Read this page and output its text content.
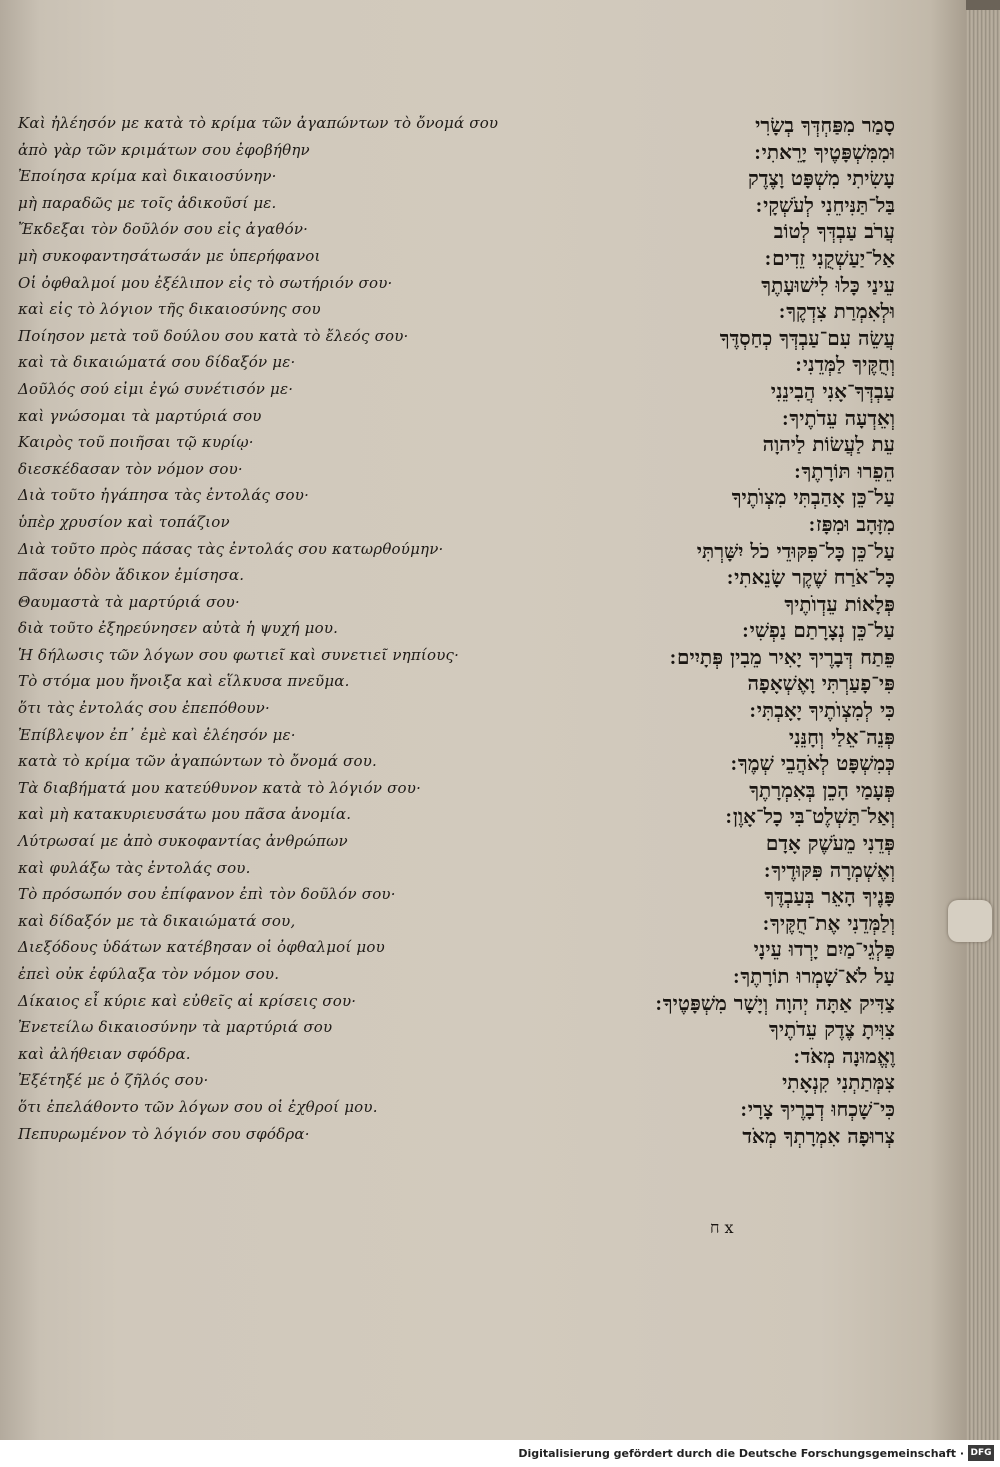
Καὶ ἠλέησόν με κατὰ τὸ κρίμα τῶν ἀγαπώντων τὸ ὄνομά σου
ἀπὸ γὰρ τῶν κριμάτων σου ἐφοβήθην
Ἐποίησα κρίμα καὶ δικαιοσύνην·
μὴ παραδῶς με τοῖς ἀδικοῦσί με.
Ἔκδεξαι τὸν δοῦλόν σου εἰς ἀγαθόν·
μὴ συκοφαντησάτωσάν με ὑπερήφανοι
Οἱ ὀφθαλμοί μου ἐξέλιπον εἰς τὸ σωτήριόν σου·
καὶ εἰς τὸ λόγιον τῆς δικαιοσύνης σου
Ποίησον μετὰ τοῦ δούλου σου κατὰ τὸ ἔλεός σου·
καὶ τὰ δικαιώματά σου δίδαξόν με·
Δοῦλός σού εἰμι ἐγώ συνέτισόν με·
καὶ γνώσομαι τὰ μαρτύριά σου
Καιρὸς τοῦ ποιῆσαι τῷ κυρίῳ·
διεσκέδασαν τὸν νόμον σου·
Διὰ τοῦτο ἠγάπησα τὰς ἐντολάς σου·
ὑπὲρ χρυσίον καὶ τοπάζιον
Διὰ τοῦτο πρὸς πάσας τὰς ἐντολάς σου κατωρθούμην·
πᾶσαν ὁδὸν ἄδικον ἐμίσησα.
Θαυμαστὰ τὰ μαρτύριά σου·
διὰ τοῦτο ἐξηρεύνησεν αὐτὰ ἡ ψυχή μου.
Ἡ δήλωσις τῶν λόγων σου φωτιεῖ καὶ συνετιεῖ νηπίους·
Τὸ στόμα μου ἤνοιξα καὶ εἵλκυσα πνεῦμα.
ὅτι τὰς ἐντολάς σου ἐπεπόθουν·
Ἐπίβλεψον ἐπ᾽ ἐμὲ καὶ ἐλέησόν με·
κατὰ τὸ κρίμα τῶν ἀγαπώντων τὸ ὄνομά σου.
Τὰ διαβήματά μου κατεύθυνον κατὰ τὸ λόγιόν σου·
καὶ μὴ κατακυριευσάτω μου πᾶσα ἀνομία.
Λύτρωσαί με ἀπὸ συκοφαντίας ἀνθρώπων
καὶ φυλάξω τὰς ἐντολάς σου.
Τὸ πρόσωπόν σου ἐπίφανον ἐπὶ τὸν δοῦλόν σου·
καὶ δίδαξόν με τὰ δικαιώματά σου,
Διεξόδους ὑδάτων κατέβησαν οἱ ὀφθαλμοί μου
ἐπεὶ οὐκ ἐφύλαξα τὸν νόμον σου.
Δίκαιος εἶ κύριε καὶ εὐθεῖς αἱ κρίσεις σου·
Ἐνετείλω δικαιοσύνην τὰ μαρτύριά σου
καὶ ἀλήθειαν σφόδρα.
Ἐξέτηξέ με ὁ ζῆλός σου·
ὅτι ἐπελάθοντο τῶν λόγων σου οἱ ἐχθροί μου.
Πεπυρωμένον τὸ λόγιόν σου σφόδρα·
סָמַר מִפַּחְדְּךָ בְשָׂרִי
וּמִמִּשְׁפָּטֶיךָ יָרֵאתִי ׃
עָשִׂיתִי מִשְׁפָּט וָצֶדֶק
בַּל־תַּנִּיחֵנִי לְעֹשְׁקָי ׃
עֲרֹב עַבְדְּךָ לְטוֹב
אַל־יַעַשְׁקֻנִי זֵדִים ׃
עֵינַי כָּלוּ לִישׁוּעָתֶךָ
וּלְאִמְרַת צִדְקֶךָ ׃
עֲשֵׂה עִם־עַבְדְּךָ כְחַסְדֶּךָ
וְחֻקֶּיךָ לַמְּדֵנִי ׃
עַבְדְּךָ־אָנִי הֲבִינֵנִי
וְאֵדְעָה עֵדֹתֶיךָ ׃
עֵת לַעֲשׂוֹת לַיהוָה
הֵפֵרוּ תּוֹרָתֶךָ ׃
עַל־כֵּן אָהַבְתִּי מִצְוֺתֶיךָ
מִזָּהָב וּמִפָּז ׃
עַל־כֵּן כָּל־פִּקּוּדֵי כֹל יִשָּׁרְתִּי
כָּל־אֹרַח שֶׁקֶר שָׂנֵאתִי ׃
פְּלָאוֹת עֵדְוֺתֶיךָ
עַל־כֵּן נְצָרָתַם נַפְשִׁי ׃
פֵּתַח דְּבָרֶיךָ יָאִיר מֵבִין פְּתָיִים ׃
פִּי־פָעַרְתִּי וָאֶשְׁאָפָה
כִּי לְמִצְוֺתֶיךָ יָאָבְתִּי ׃
פְּנֵה־אֵלַי וְחָנֵּנִי
כְּמִשְׁפָּט לְאֹהֲבֵי שְׁמֶךָ ׃
פְּעָמַי הָכֵן בְּאִמְרָתֶךָ
וְאַל־תַּשְׁלֶט־בִּי כָל־אָוֶן ׃
פְּדֵנִי מֵעֹשֶׁק אָדָם
וְאֶשְׁמְרָה פִּקּוּדֶיךָ ׃
פָּנֶיךָ הָאֵר בְּעַבְדֶּךָ
וְלַמְּדֵנִי אֶת־חֻקֶּיךָ ׃
פַּלְגֵי־מַיִם יָרְדוּ עֵינָי
עַל לֹא־שָׁמְרוּ תוֹרָתֶךָ ׃
צַדִּיק אַתָּה יְהוָה וְיָשָׁר מִשְׁפָּטֶיךָ ׃
צִוִּיתָ צֶדֶק עֵדֹתֶיךָ
וֶאֱמוּנָה מְאֹד ׃
צִמְּתַתְנִי קִנְאָתִי
כִּי־שָׁכְחוּ דְבָרֶיךָ צָרָי ׃
צְרוּפָה אִמְרָתְךָ מְאֹד
ח x
Digitalisierung gefördert durch die Deutsche Forschungsgemeinschaft · DFG
